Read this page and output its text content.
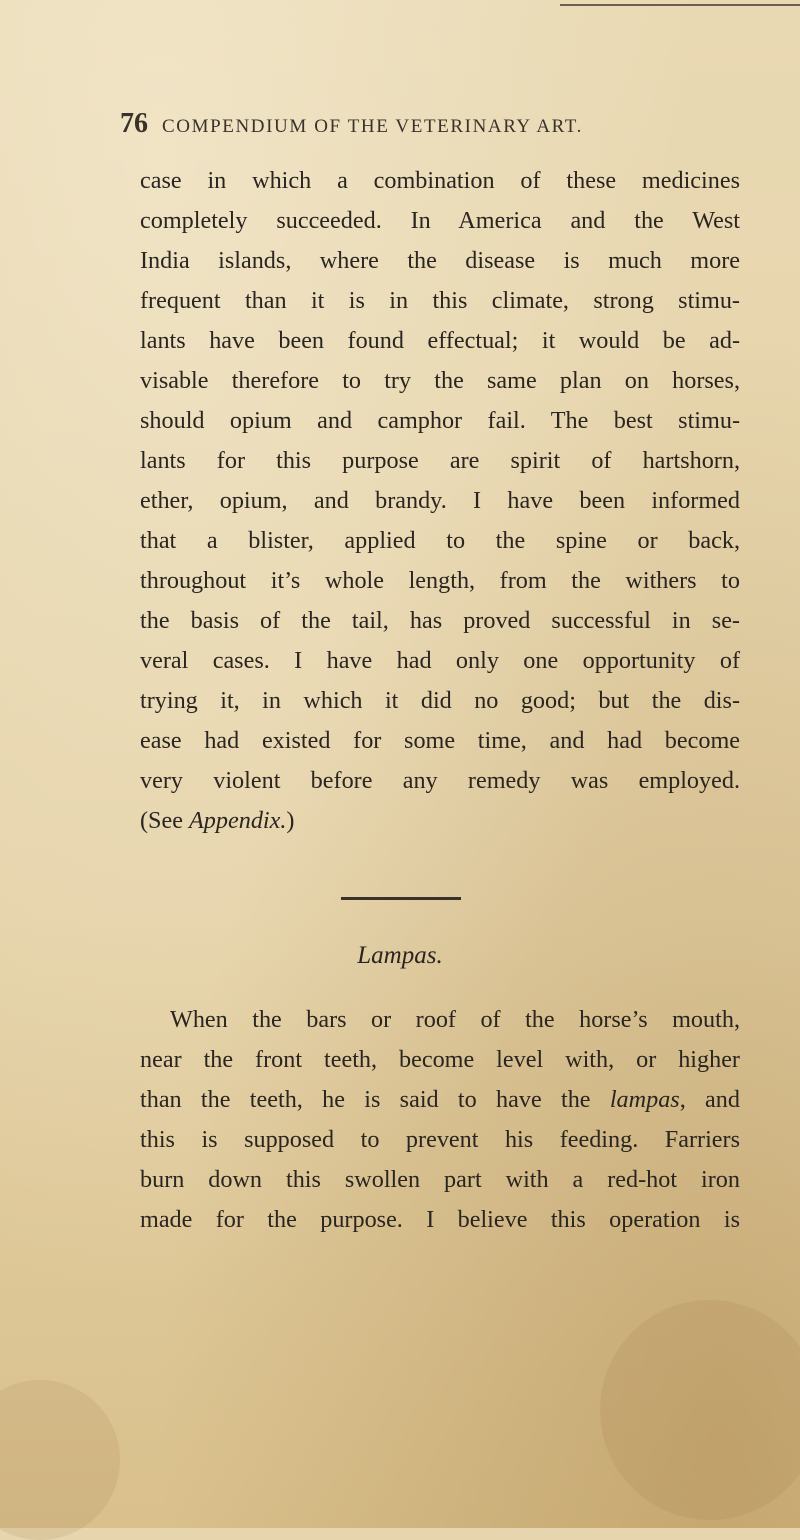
76 COMPENDIUM OF THE VETERINARY ART.
case in which a combination of these medicines
completely succeeded. In America and the West
India islands, where the disease is much more
frequent than it is in this climate, strong stimu-
lants have been found effectual; it would be ad-
visable therefore to try the same plan on horses,
should opium and camphor fail. The best stimu-
lants for this purpose are spirit of hartshorn,
ether, opium, and brandy. I have been informed
that a blister, applied to the spine or back,
throughout it’s whole length, from the withers to
the basis of the tail, has proved successful in se-
veral cases. I have had only one opportunity of
trying it, in which it did no good; but the dis-
ease had existed for some time, and had become
very violent before any remedy was employed.
(See Appendix.)
Lampas.
When the bars or roof of the horse’s mouth,
near the front teeth, become level with, or higher
than the teeth, he is said to have the lampas, and
this is supposed to prevent his feeding. Farriers
burn down this swollen part with a red-hot iron
made for the purpose. I believe this operation is
